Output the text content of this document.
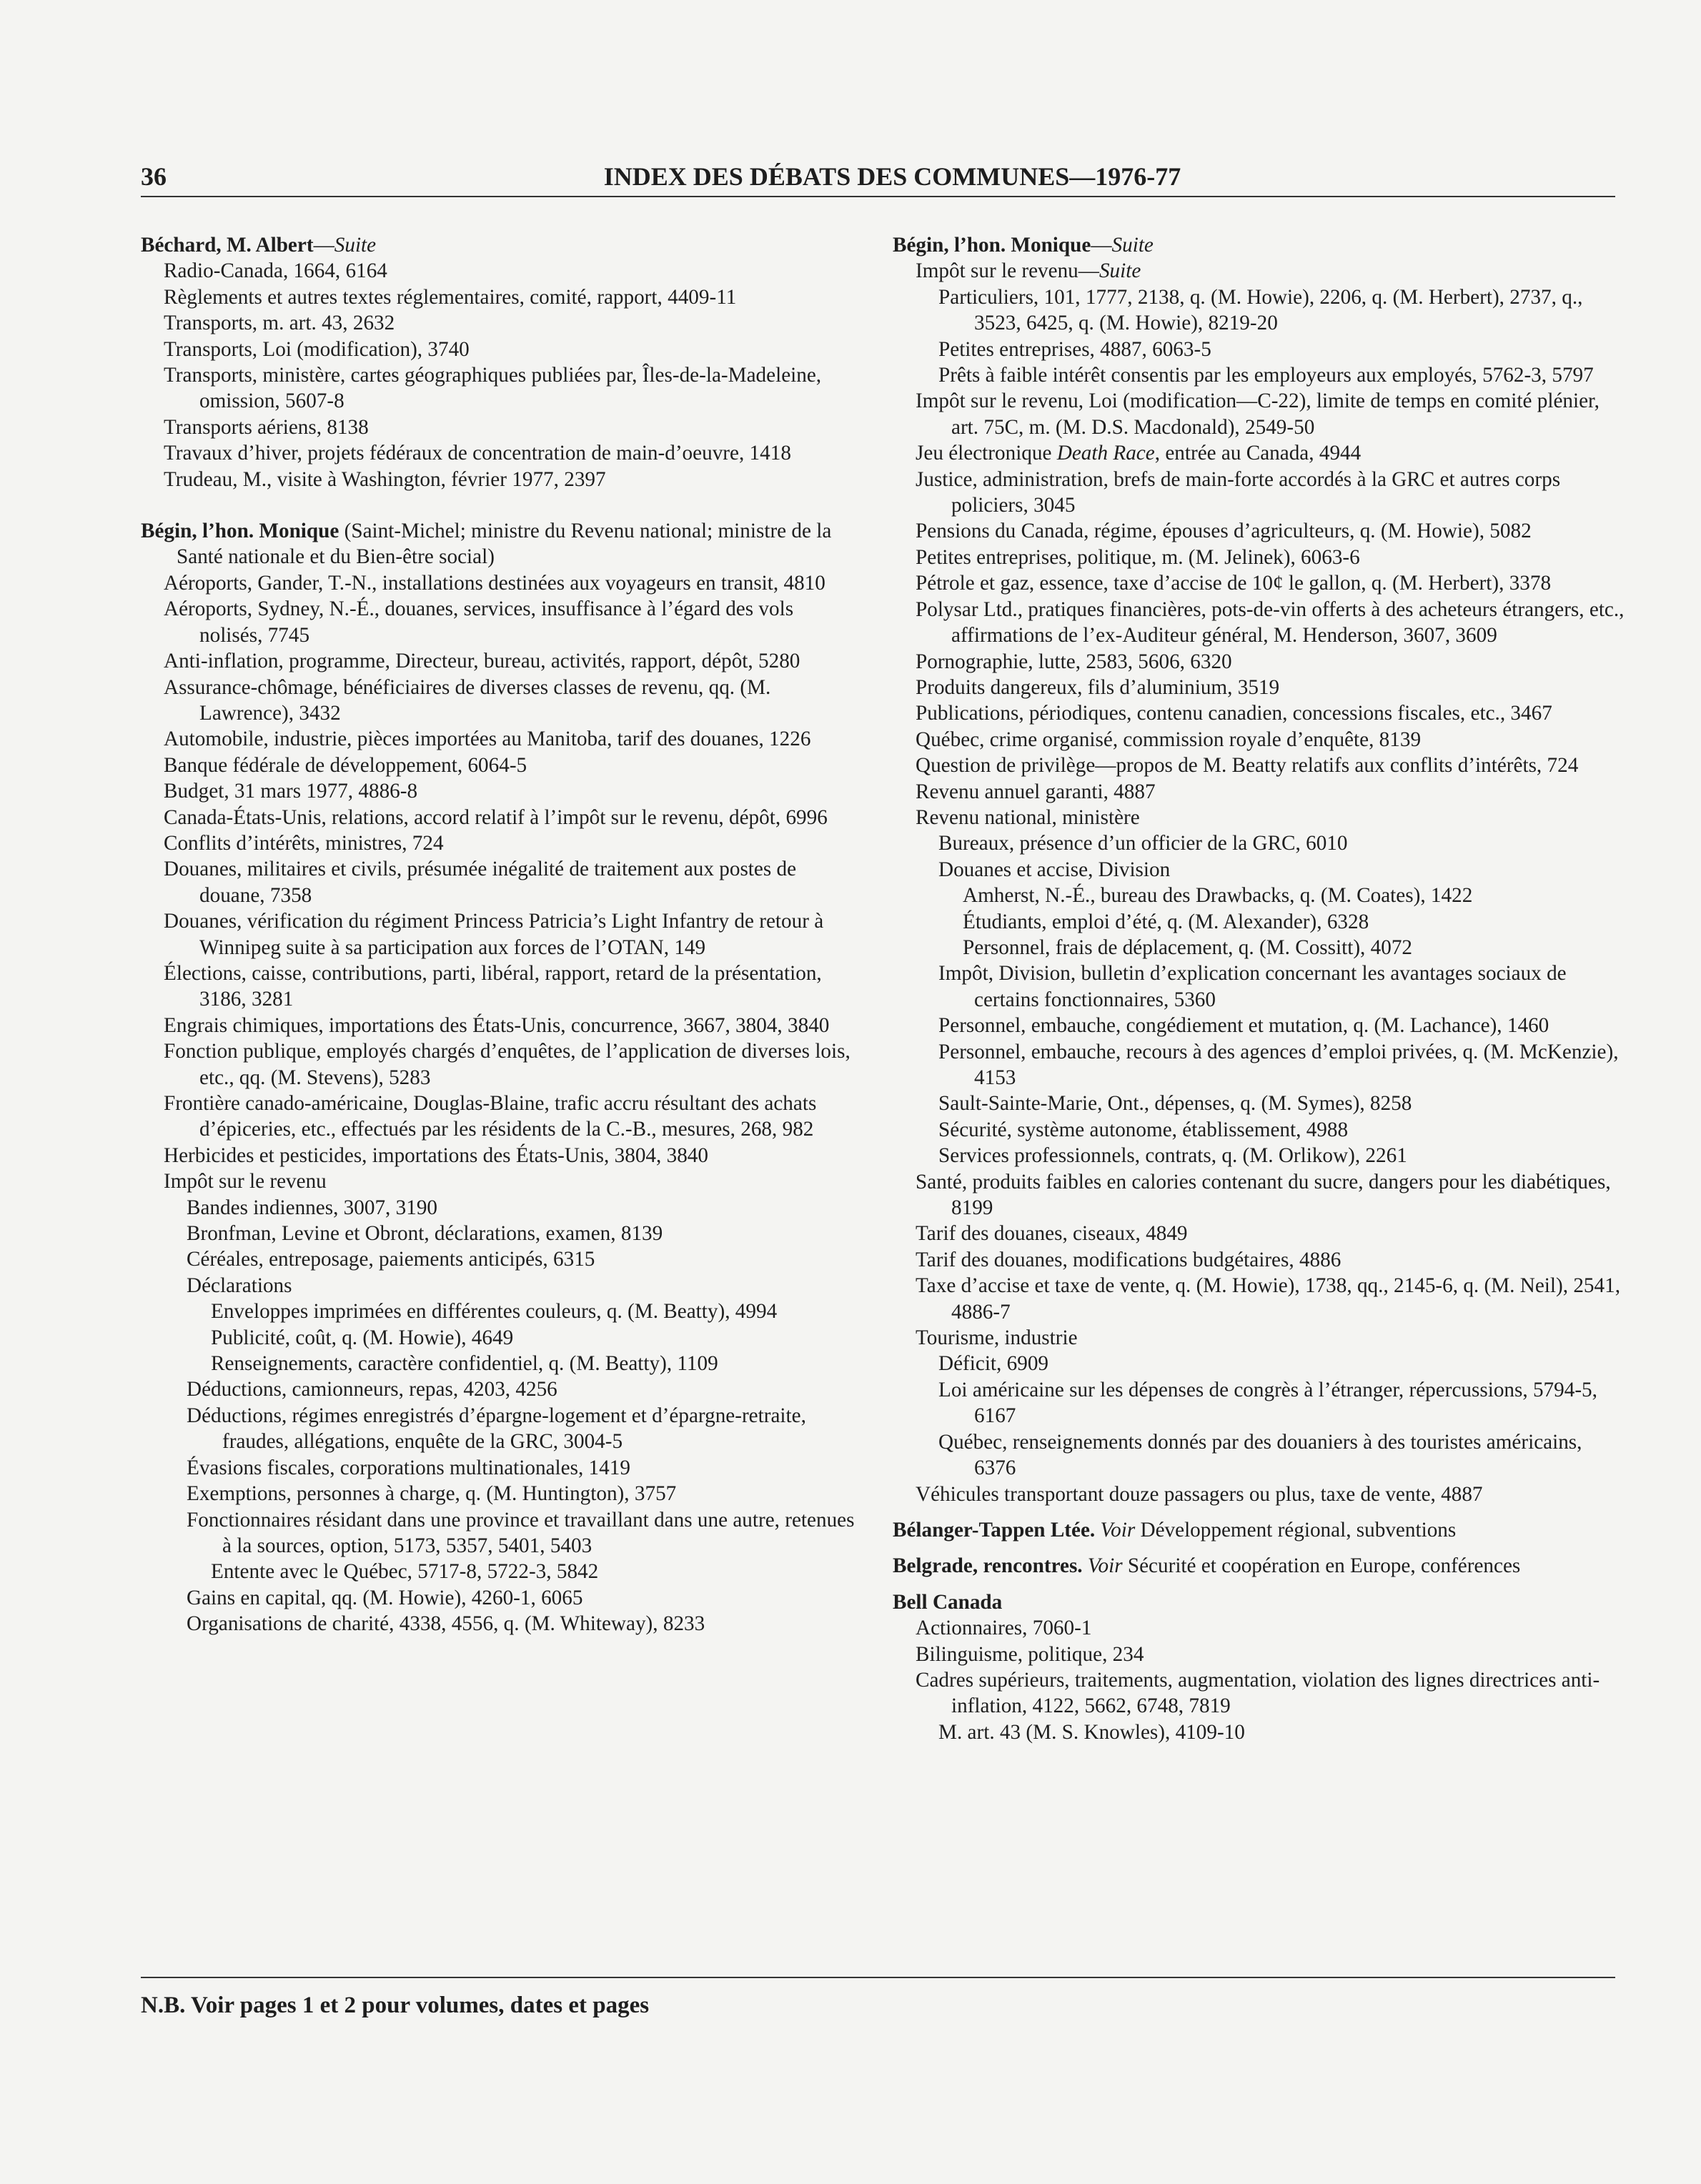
36	INDEX DES DÉBATS DES COMMUNES—1976-77
Béchard, M. Albert—Suite
Radio-Canada, 1664, 6164
Règlements et autres textes réglementaires, comité, rapport, 4409-11
Transports, m. art. 43, 2632
Transports, Loi (modification), 3740
Transports, ministère, cartes géographiques publiées par, Îles-de-la-Madeleine, omission, 5607-8
Transports aériens, 8138
Travaux d’hiver, projets fédéraux de concentration de main-d’oeuvre, 1418
Trudeau, M., visite à Washington, février 1977, 2397
Bégin, l’hon. Monique (Saint-Michel; ministre du Revenu national; ministre de la Santé nationale et du Bien-être social)
Aéroports, Gander, T.-N., installations destinées aux voyageurs en transit, 4810
Aéroports, Sydney, N.-É., douanes, services, insuffisance à l’égard des vols nolisés, 7745
Anti-inflation, programme, Directeur, bureau, activités, rapport, dépôt, 5280
Assurance-chômage, bénéficiaires de diverses classes de revenu, qq. (M. Lawrence), 3432
Automobile, industrie, pièces importées au Manitoba, tarif des douanes, 1226
Banque fédérale de développement, 6064-5
Budget, 31 mars 1977, 4886-8
Canada-États-Unis, relations, accord relatif à l’impôt sur le revenu, dépôt, 6996
Conflits d’intérêts, ministres, 724
Douanes, militaires et civils, présumée inégalité de traitement aux postes de douane, 7358
Douanes, vérification du régiment Princess Patricia’s Light Infantry de retour à Winnipeg suite à sa participation aux forces de l’OTAN, 149
Élections, caisse, contributions, parti, libéral, rapport, retard de la présentation, 3186, 3281
Engrais chimiques, importations des États-Unis, concurrence, 3667, 3804, 3840
Fonction publique, employés chargés d’enquêtes, de l’application de diverses lois, etc., qq. (M. Stevens), 5283
Frontière canado-américaine, Douglas-Blaine, trafic accru résultant des achats d’épiceries, etc., effectués par les résidents de la C.-B., mesures, 268, 982
Herbicides et pesticides, importations des États-Unis, 3804, 3840
Impôt sur le revenu
Bandes indiennes, 3007, 3190
Bronfman, Levine et Obront, déclarations, examen, 8139
Céréales, entreposage, paiements anticipés, 6315
Déclarations
Enveloppes imprimées en différentes couleurs, q. (M. Beatty), 4994
Publicité, coût, q. (M. Howie), 4649
Renseignements, caractère confidentiel, q. (M. Beatty), 1109
Déductions, camionneurs, repas, 4203, 4256
Déductions, régimes enregistrés d’épargne-logement et d’épargne-retraite, fraudes, allégations, enquête de la GRC, 3004-5
Évasions fiscales, corporations multinationales, 1419
Exemptions, personnes à charge, q. (M. Huntington), 3757
Fonctionnaires résidant dans une province et travaillant dans une autre, retenues à la sources, option, 5173, 5357, 5401, 5403
Entente avec le Québec, 5717-8, 5722-3, 5842
Gains en capital, qq. (M. Howie), 4260-1, 6065
Organisations de charité, 4338, 4556, q. (M. Whiteway), 8233
Bégin, l’hon. Monique—Suite
Impôt sur le revenu—Suite
Particuliers, 101, 1777, 2138, q. (M. Howie), 2206, q. (M. Herbert), 2737, q., 3523, 6425, q. (M. Howie), 8219-20
Petites entreprises, 4887, 6063-5
Prêts à faible intérêt consentis par les employeurs aux employés, 5762-3, 5797
Impôt sur le revenu, Loi (modification—C-22), limite de temps en comité plénier, art. 75C, m. (M. D.S. Macdonald), 2549-50
Jeu électronique Death Race, entrée au Canada, 4944
Justice, administration, brefs de main-forte accordés à la GRC et autres corps policiers, 3045
Pensions du Canada, régime, épouses d’agriculteurs, q. (M. Howie), 5082
Petites entreprises, politique, m. (M. Jelinek), 6063-6
Pétrole et gaz, essence, taxe d’accise de 10¢ le gallon, q. (M. Herbert), 3378
Polysar Ltd., pratiques financières, pots-de-vin offerts à des acheteurs étrangers, etc., affirmations de l’ex-Auditeur général, M. Henderson, 3607, 3609
Pornographie, lutte, 2583, 5606, 6320
Produits dangereux, fils d’aluminium, 3519
Publications, périodiques, contenu canadien, concessions fiscales, etc., 3467
Québec, crime organisé, commission royale d’enquête, 8139
Question de privilège—propos de M. Beatty relatifs aux conflits d’intérêts, 724
Revenu annuel garanti, 4887
Revenu national, ministère
Bureaux, présence d’un officier de la GRC, 6010
Douanes et accise, Division
Amherst, N.-É., bureau des Drawbacks, q. (M. Coates), 1422
Étudiants, emploi d’été, q. (M. Alexander), 6328
Personnel, frais de déplacement, q. (M. Cossitt), 4072
Impôt, Division, bulletin d’explication concernant les avantages sociaux de certains fonctionnaires, 5360
Personnel, embauche, congédiement et mutation, q. (M. Lachance), 1460
Personnel, embauche, recours à des agences d’emploi privées, q. (M. McKenzie), 4153
Sault-Sainte-Marie, Ont., dépenses, q. (M. Symes), 8258
Sécurité, système autonome, établissement, 4988
Services professionnels, contrats, q. (M. Orlikow), 2261
Santé, produits faibles en calories contenant du sucre, dangers pour les diabétiques, 8199
Tarif des douanes, ciseaux, 4849
Tarif des douanes, modifications budgétaires, 4886
Taxe d’accise et taxe de vente, q. (M. Howie), 1738, qq., 2145-6, q. (M. Neil), 2541, 4886-7
Tourisme, industrie
Déficit, 6909
Loi américaine sur les dépenses de congrès à l’étranger, répercussions, 5794-5, 6167
Québec, renseignements donnés par des douaniers à des touristes américains, 6376
Véhicules transportant douze passagers ou plus, taxe de vente, 4887
Bélanger-Tappen Ltée. Voir Développement régional, subventions
Belgrade, rencontres. Voir Sécurité et coopération en Europe, conférences
Bell Canada
Actionnaires, 7060-1
Bilinguisme, politique, 234
Cadres supérieurs, traitements, augmentation, violation des lignes directrices anti-inflation, 4122, 5662, 6748, 7819
M. art. 43 (M. S. Knowles), 4109-10
N.B. Voir pages 1 et 2 pour volumes, dates et pages
